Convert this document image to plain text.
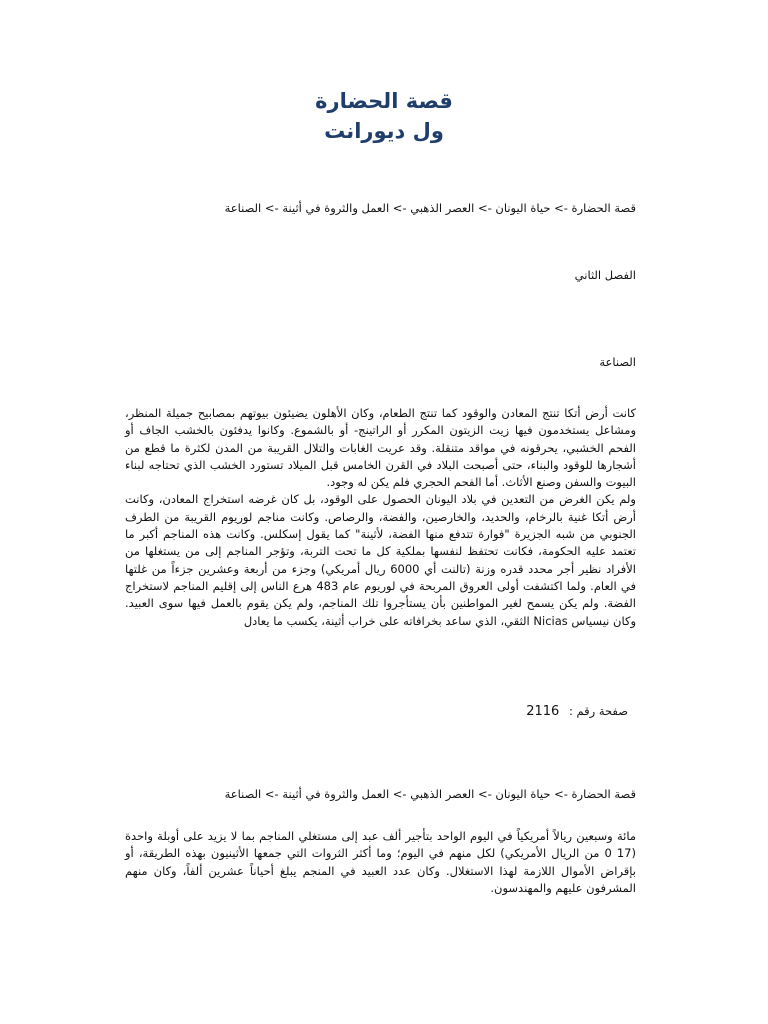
قصة الحضارة
ول ديورانت
قصة الحضارة -> حياة اليونان -> العصر الذهبي -> العمل والثروة في أثينة -> الصناعة
الفصل الثاني
الصناعة
كانت أرض أتكا تنتج المعادن والوقود كما تنتج الطعام، وكان الأهلون يضيئون بيوتهم بمصابيح جميلة المنظر، ومشاعل يستخدمون فيها زيت الزيتون المكرر أو الراتينج- أو بالشموع. وكانوا يدفئون بالخشب الجاف أو الفحم الخشبي، يحرقونه في مواقد متنقلة. وقد عريت الغابات والتلال القريبة من المدن لكثرة ما قطع من أشجارها للوقود والبناء، حتى أصبحت البلاد في القرن الخامس قبل الميلاد تستورد الخشب الذي تحتاجه لبناء البيوت والسفن وصنع الأثاث. أما الفحم الحجري فلم يكن له وجود.
ولم يكن الغرض من التعدين في بلاد اليونان الحصول على الوقود، بل كان غرضه استخراج المعادن، وكانت أرض أتكا غنية بالرخام، والحديد، والخارصين، والفضة، والرصاص. وكانت مناجم لوريوم القريبة من الطرف الجنوبي من شبه الجزيرة "فوارة تتدفع منها الفضة، لأثينة" كما يقول إسكلس. وكانت هذه المناجم أكبر ما تعتمد عليه الحكومة، فكانت تحتفظ لنفسها بملكية كل ما تحت التربة، وتؤجر المناجم إلى من يستغلها من الأفراد نظير أجر محدد قدره وزنة (تالنت أي 6000 ريال أمريكي) وجزء من أربعة وعشرين جزءاً من غلتها في العام. ولما اكتشفت أولى العروق المربحة في لوريوم عام 483 هرع الناس إلى إقليم المناجم لاستخراج الفضة. ولم يكن يسمح لغير المواطنين بأن يستأجروا تلك المناجم، ولم يكن يقوم بالعمل فيها سوى العبيد. وكان نيسياس Nicias الثقي، الذي ساعد بخرافاته على خراب أثينة، يكسب ما يعادل
صفحة رقم : 2116
قصة الحضارة -> حياة اليونان -> العصر الذهبي -> العمل والثروة في أثينة -> الصناعة
مائة وسبعين ريالاً أمريكياً في اليوم الواحد بتأجير ألف عبد إلى مستغلي المناجم بما لا يزيد على أوبلة واحدة (17 0 من الريال الأمريكي) لكل منهم في اليوم؛ وما أكثر الثروات التي جمعها الأثينيون بهذه الطريقة، أو بإقراض الأموال اللازمة لهذا الاستغلال. وكان عدد العبيد في المنجم يبلغ أحياناً عشرين ألفاً، وكان منهم المشرفون عليهم والمهندسون.
